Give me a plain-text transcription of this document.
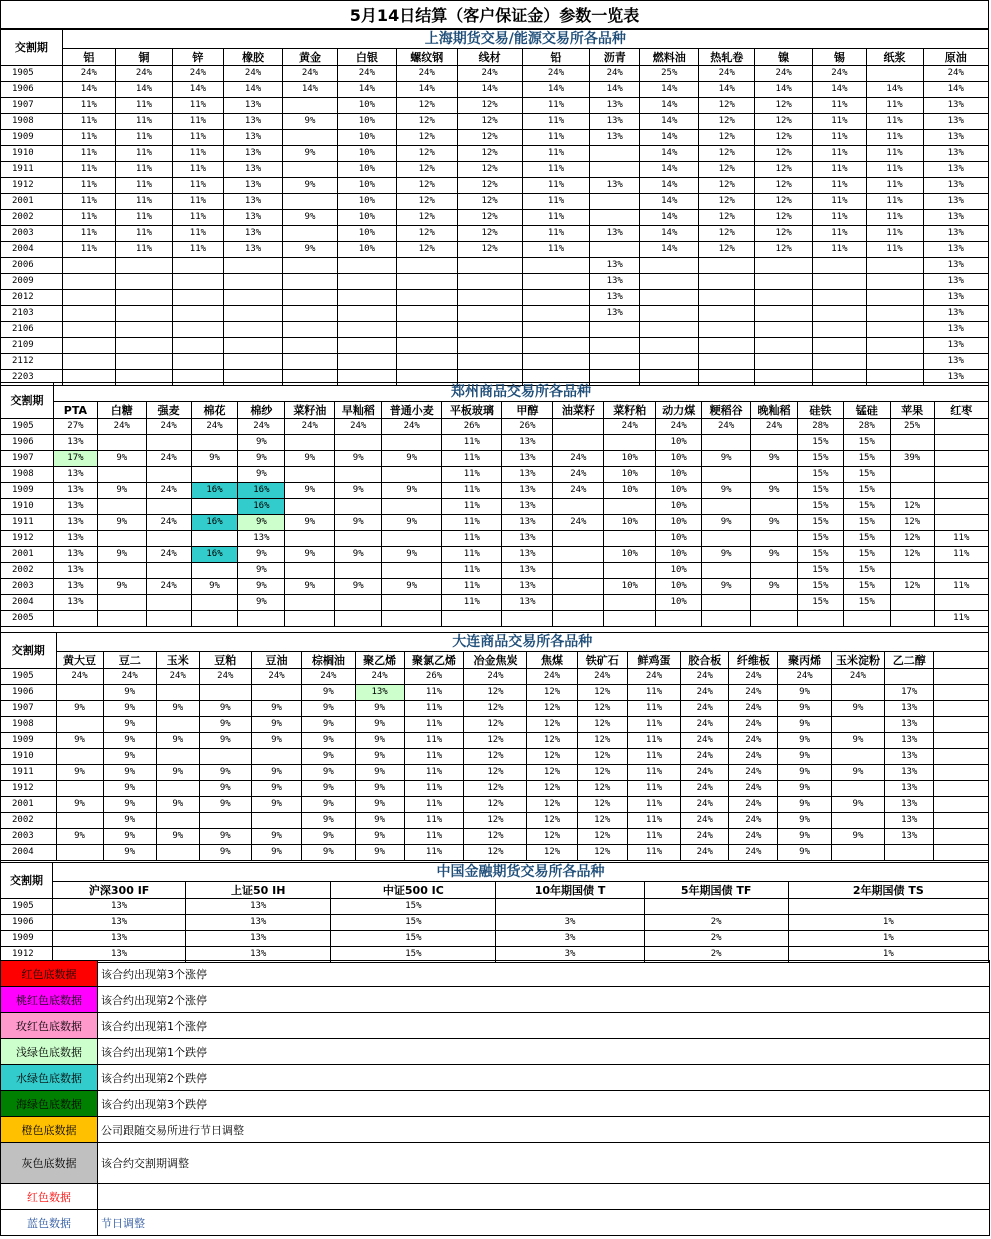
5月14日结算（客户保证金）参数一览表
交割期	上海期货交易/能源交易所各品种															
	铝	铜	锌	橡胶	黄金	白银	螺纹钢	线材	铅	沥青	燃料油	热轧卷	镍	锡	纸浆	原油
1905	24%	24%	24%	24%	24%	24%	24%	24%	24%	24%	25%	24%	24%	24%		24%
1906	14%	14%	14%	14%	14%	14%	14%	14%	14%	14%	14%	14%	14%	14%	14%	14%
1907	11%	11%	11%	13%		10%	12%	12%	11%	13%	14%	12%	12%	11%	11%	13%
1908	11%	11%	11%	13%	9%	10%	12%	12%	11%	13%	14%	12%	12%	11%	11%	13%
1909	11%	11%	11%	13%		10%	12%	12%	11%	13%	14%	12%	12%	11%	11%	13%
1910	11%	11%	11%	13%	9%	10%	12%	12%	11%		14%	12%	12%	11%	11%	13%
1911	11%	11%	11%	13%		10%	12%	12%	11%		14%	12%	12%	11%	11%	13%
1912	11%	11%	11%	13%	9%	10%	12%	12%	11%	13%	14%	12%	12%	11%	11%	13%
2001	11%	11%	11%	13%		10%	12%	12%	11%		14%	12%	12%	11%	11%	13%
2002	11%	11%	11%	13%	9%	10%	12%	12%	11%		14%	12%	12%	11%	11%	13%
2003	11%	11%	11%	13%		10%	12%	12%	11%	13%	14%	12%	12%	11%	11%	13%
2004	11%	11%	11%	13%	9%	10%	12%	12%	11%		14%	12%	12%	11%	11%	13%
2006										13%						13%
2009										13%						13%
2012										13%						13%
2103										13%						13%
2106																13%
2109																13%
2112																13%
2203																13%
交割期	郑州商品交易所各品种																		
	PTA	白糖	强麦	棉花	棉纱	菜籽油	早籼稻	普通小麦	平板玻璃	甲醇	油菜籽	菜籽粕	动力煤	粳稻谷	晚籼稻	硅铁	锰硅	苹果	红枣
1905	27%	24%	24%	24%	24%	24%	24%	24%	26%	26%		24%	24%	24%	24%	28%	28%	25%	
1906	13%				9%				11%	13%			10%			15%	15%		
1907	17%	9%	24%	9%	9%	9%	9%	9%	11%	13%	24%	10%	10%	9%	9%	15%	15%	39%	
1908	13%				9%				11%	13%	24%	10%	10%			15%	15%		
1909	13%	9%	24%	16%	16%	9%	9%	9%	11%	13%	24%	10%	10%	9%	9%	15%	15%		
1910	13%				16%				11%	13%			10%			15%	15%	12%	
1911	13%	9%	24%	16%	9%	9%	9%	9%	11%	13%	24%	10%	10%	9%	9%	15%	15%	12%	
1912	13%				13%				11%	13%			10%			15%	15%	12%	11%
2001	13%	9%	24%	16%	9%	9%	9%	9%	11%	13%		10%	10%	9%	9%	15%	15%	12%	11%
2002	13%				9%				11%	13%			10%			15%	15%		
2003	13%	9%	24%	9%	9%	9%	9%	9%	11%	13%		10%	10%	9%	9%	15%	15%	12%	11%
2004	13%				9%				11%	13%			10%			15%	15%		
2005																			11%
交割期	大连商品交易所各品种																	
	黄大豆	豆二	玉米	豆粕	豆油	棕榈油	聚乙烯	聚氯乙烯	冶金焦炭	焦煤	铁矿石	鲜鸡蛋	胶合板	纤维板	聚丙烯	玉米淀粉	乙二醇	
1905	24%	24%	24%	24%	24%	24%	24%	26%	24%	24%	24%	24%	24%	24%	24%	24%		
1906		9%				9%	13%	11%	12%	12%	12%	11%	24%	24%	9%		17%	
1907	9%	9%	9%	9%	9%	9%	9%	11%	12%	12%	12%	11%	24%	24%	9%	9%	13%	
1908		9%		9%	9%	9%	9%	11%	12%	12%	12%	11%	24%	24%	9%		13%	
1909	9%	9%	9%	9%	9%	9%	9%	11%	12%	12%	12%	11%	24%	24%	9%	9%	13%	
1910		9%				9%	9%	11%	12%	12%	12%	11%	24%	24%	9%		13%	
1911	9%	9%	9%	9%	9%	9%	9%	11%	12%	12%	12%	11%	24%	24%	9%	9%	13%	
1912		9%		9%	9%	9%	9%	11%	12%	12%	12%	11%	24%	24%	9%		13%	
2001	9%	9%	9%	9%	9%	9%	9%	11%	12%	12%	12%	11%	24%	24%	9%	9%	13%	
2002		9%				9%	9%	11%	12%	12%	12%	11%	24%	24%	9%		13%	
2003	9%	9%	9%	9%	9%	9%	9%	11%	12%	12%	12%	11%	24%	24%	9%	9%	13%	
2004		9%		9%	9%	9%	9%	11%	12%	12%	12%	11%	24%	24%	9%			
交割期	中国金融期货交易所各品种					
	沪深300 IF	上证50 IH	中证500 IC	10年期国债 T	5年期国债 TF	2年期国债 TS
1905	13%	13%	15%			
1906	13%	13%	15%	3%	2%	1%
1909	13%	13%	15%	3%	2%	1%
1912	13%	13%	15%	3%	2%	1%
红色底数据	该合约出现第3个涨停
桃红色底数据	该合约出现第2个涨停
玫红色底数据	该合约出现第1个涨停
浅绿色底数据	该合约出现第1个跌停
水绿色底数据	该合约出现第2个跌停
海绿色底数据	该合约出现第3个跌停
橙色底数据	公司跟随交易所进行节日调整
灰色底数据	该合约交割期调整
红色数据	
蓝色数据	节日调整
